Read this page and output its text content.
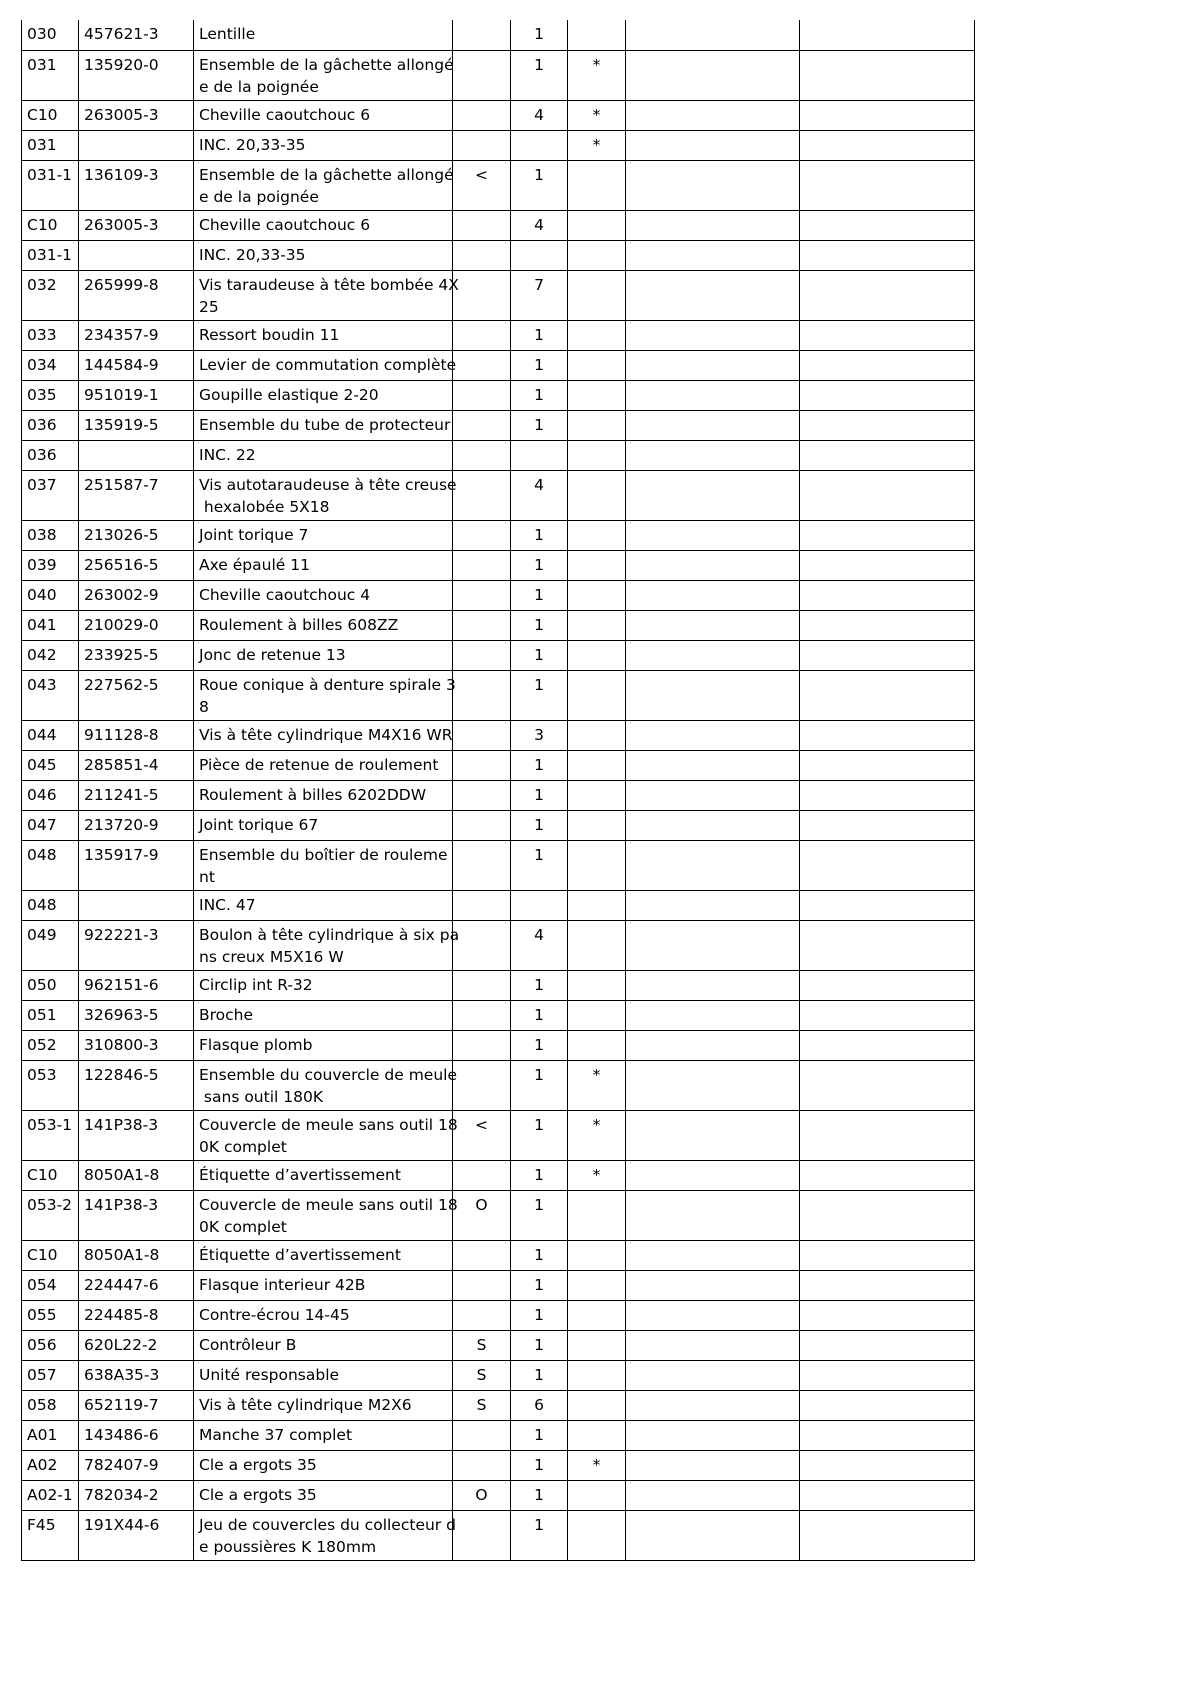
030	457621-3	Lentille		1			
031	135920-0	Ensemble de la gâchette allongé
e de la poignée		1	*		
C10	263005-3	Cheville caoutchouc 6		4	*		
031		INC. 20,33-35			*		
031-1	136109-3	Ensemble de la gâchette allongé
e de la poignée	<	1			
C10	263005-3	Cheville caoutchouc 6		4			
031-1		INC. 20,33-35					
032	265999-8	Vis taraudeuse à tête bombée 4X
25		7			
033	234357-9	Ressort boudin 11		1			
034	144584-9	Levier de commutation complète		1			
035	951019-1	Goupille elastique 2-20		1			
036	135919-5	Ensemble du tube de protecteur		1			
036		INC. 22					
037	251587-7	Vis autotaraudeuse à tête creuse
hexalobée 5X18		4			
038	213026-5	Joint torique 7		1			
039	256516-5	Axe épaulé 11		1			
040	263002-9	Cheville caoutchouc 4		1			
041	210029-0	Roulement à billes 608ZZ		1			
042	233925-5	Jonc de retenue 13		1			
043	227562-5	Roue conique à denture spirale 3
8		1			
044	911128-8	Vis à tête cylindrique M4X16 WR		3			
045	285851-4	Pièce de retenue de roulement		1			
046	211241-5	Roulement à billes 6202DDW		1			
047	213720-9	Joint torique 67		1			
048	135917-9	Ensemble du boîtier de rouleme
nt		1			
048		INC. 47					
049	922221-3	Boulon à tête cylindrique à six pa
ns creux M5X16 W		4			
050	962151-6	Circlip int R-32		1			
051	326963-5	Broche		1			
052	310800-3	Flasque plomb		1			
053	122846-5	Ensemble du couvercle de meule
sans outil 180K		1	*		
053-1	141P38-3	Couvercle de meule sans outil 18
0K complet	<	1	*		
C10	8050A1-8	Étiquette d’avertissement		1	*		
053-2	141P38-3	Couvercle de meule sans outil 18
0K complet	O	1			
C10	8050A1-8	Étiquette d’avertissement		1			
054	224447-6	Flasque interieur 42B		1			
055	224485-8	Contre-écrou 14-45		1			
056	620L22-2	Contrôleur B	S	1			
057	638A35-3	Unité responsable	S	1			
058	652119-7	Vis à tête cylindrique M2X6	S	6			
A01	143486-6	Manche 37 complet		1			
A02	782407-9	Cle a ergots 35		1	*		
A02-1	782034-2	Cle a ergots 35	O	1			
F45	191X44-6	Jeu de couvercles du collecteur d
e poussières K 180mm		1			
